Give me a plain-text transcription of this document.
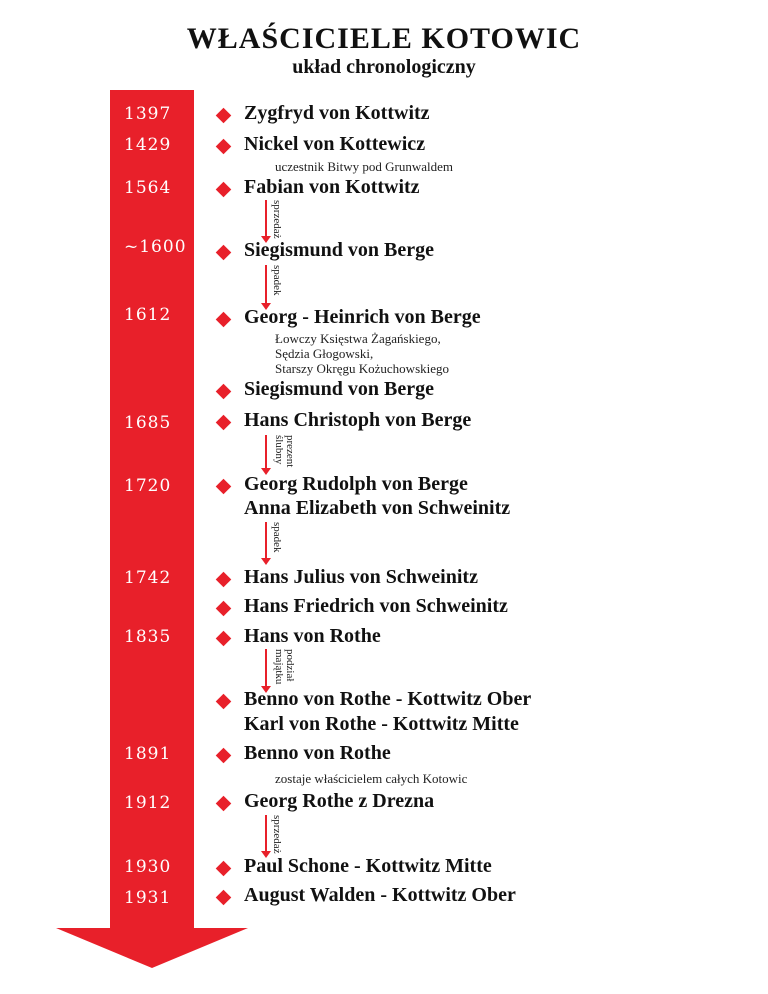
WŁAŚCICIELE KOTOWIC
układ chronologiczny
1397
1429
1564
~1600
1612
1685
1720
1742
1835
1891
1912
1930
1931
Zygfryd von Kottwitz
Nickel von Kottewicz
Fabian von Kottwitz
Siegismund von Berge
Georg - Heinrich von Berge
Siegismund von Berge
Hans Christoph von Berge
Georg Rudolph von Berge
Anna Elizabeth von Schweinitz
Hans Julius von Schweinitz
Hans Friedrich von Schweinitz
Hans von Rothe
Benno von Rothe - Kottwitz Ober
Karl von Rothe - Kottwitz Mitte
Benno von Rothe
Georg Rothe z Drezna
Paul Schone - Kottwitz Mitte
August Walden - Kottwitz Ober
uczestnik Bitwy pod Grunwaldem
Łowczy Księstwa Żagańskiego,
Sędzia Głogowski,
Starszy Okręgu Kożuchowskiego
zostaje właścicielem całych Kotowic
sprzedaż
spadek
prezent ślubny
spadek
podział majątku
sprzedaż
